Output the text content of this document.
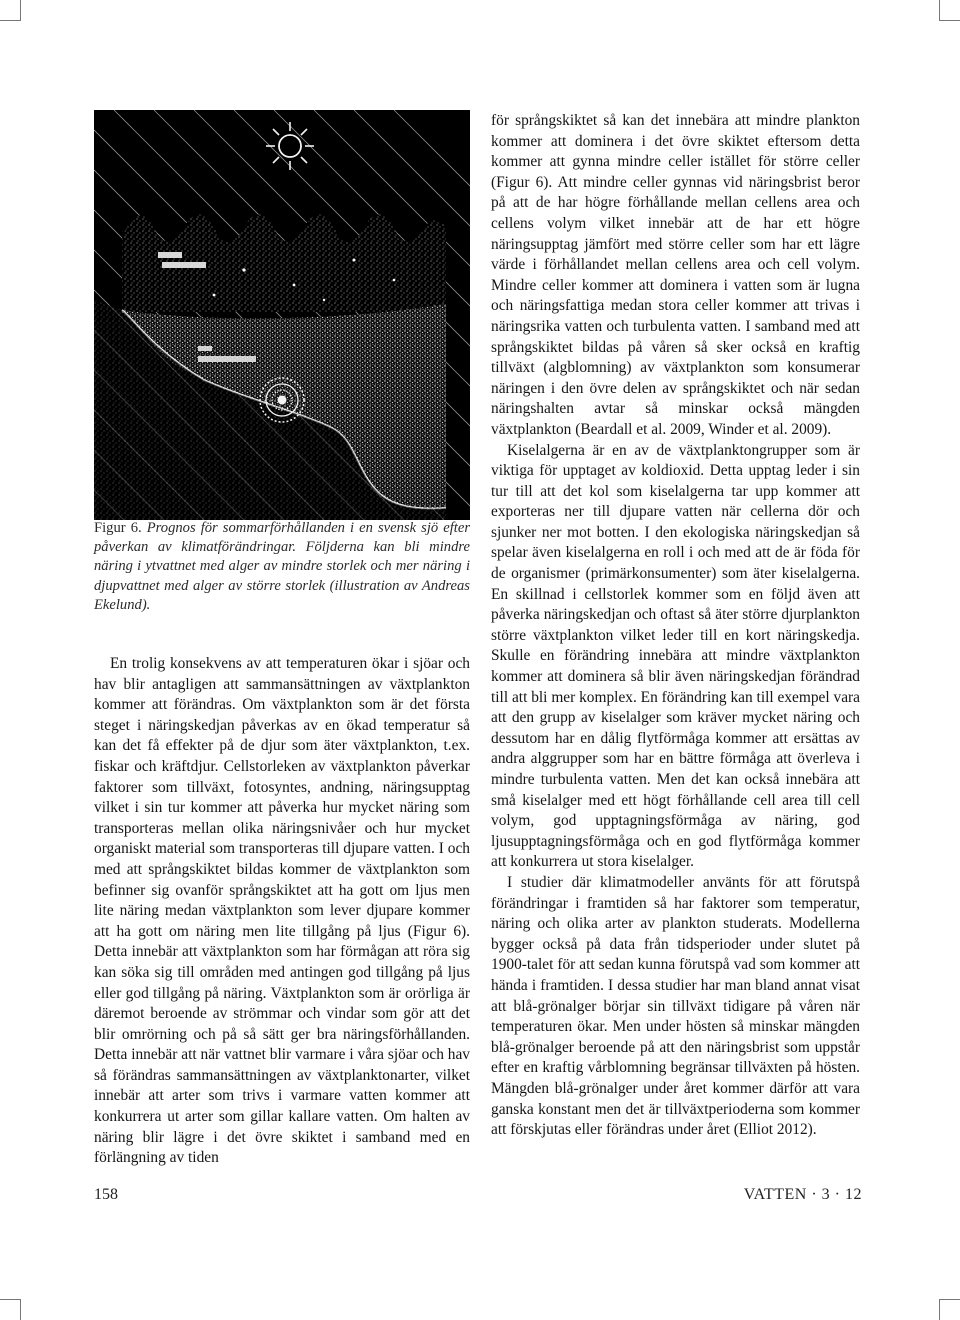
Figur 6. Prognos för sommarförhållanden i en svensk sjö efter påverkan av klimatförändringar. Följderna kan bli mindre näring i ytvattnet med alger av mindre storlek och mer näring i djupvattnet med alger av större storlek (illustration av Andreas Ekelund).

En trolig konsekvens av att temperaturen ökar i sjöar och hav blir antagligen att sammansättningen av växtplankton kommer att förändras. Om växtplankton som är det första steget i näringskedjan påverkas av en ökad temperatur så kan det få effekter på de djur som äter växtplankton, t.ex. fiskar och kräftdjur. Cellstorleken av växtplankton påverkar faktorer som tillväxt, fotosyntes, andning, näringsupptag vilket i sin tur kommer att påverka hur mycket näring som transporteras mellan olika näringsnivåer och hur mycket organiskt material som transporteras till djupare vatten. I och med att språngskiktet bildas kommer de växtplankton som befinner sig ovanför språngskiktet att ha gott om ljus men lite näring medan växtplankton som lever djupare kommer att ha gott om näring men lite tillgång på ljus (Figur 6). Detta innebär att växtplankton som har förmågan att röra sig kan söka sig till områden med antingen god tillgång på ljus eller god tillgång på näring. Växtplankton som är orörliga är däremot beroende av strömmar och vindar som gör att det blir omrörning och på så sätt ger bra näringsförhållanden. Detta innebär att när vattnet blir varmare i våra sjöar och hav så förändras sammansättningen av växtplanktonarter, vilket innebär att arter som trivs i varmare vatten kommer att konkurrera ut arter som gillar kallare vatten. Om halten av näring blir lägre i det övre skiktet i samband med en förlängning av tiden

för språngskiktet så kan det innebära att mindre plankton kommer att dominera i det övre skiktet eftersom detta kommer att gynna mindre celler istället för större celler (Figur 6). Att mindre celler gynnas vid näringsbrist beror på att de har högre förhållande mellan cellens area och cellens volym vilket innebär att de har ett högre näringsupptag jämfört med större celler som har ett lägre värde i förhållandet mellan cellens area och cell volym. Mindre celler kommer att dominera i vatten som är lugna och näringsfattiga medan stora celler kommer att trivas i näringsrika vatten och turbulenta vatten. I samband med att språngskiktet bildas på våren så sker också en kraftig tillväxt (algblomning) av växtplankton som konsumerar näringen i den övre delen av språngskiktet och när sedan näringshalten avtar så minskar också mängden växtplankton (Beardall et al. 2009, Winder et al. 2009).

Kiselalgerna är en av de växtplanktongrupper som är viktiga för upptaget av koldioxid. Detta upptag leder i sin tur till att det kol som kiselalgerna tar upp kommer att exporteras ner till djupare vatten när cellerna dör och sjunker ner mot botten. I den ekologiska näringskedjan så spelar även kiselalgerna en roll i och med att de är föda för de organismer (primärkonsumenter) som äter kiselalgerna. En skillnad i cellstorlek kommer som en följd även att påverka näringskedjan och oftast så äter större djurplankton större växtplankton vilket leder till en kort näringskedja. Skulle en förändring innebära att mindre växtplankton kommer att dominera så blir även näringskedjan förändrad till att bli mer komplex. En förändring kan till exempel vara att den grupp av kiselalger som kräver mycket näring och dessutom har en dålig flytförmåga kommer att ersättas av andra alggrupper som har en bättre förmåga att överleva i mindre turbulenta vatten. Men det kan också innebära att små kiselalger med ett högt förhållande cell area till cell volym, god upptagningsförmåga av näring, god ljusupptagningsförmåga och en god flytförmåga kommer att konkurrera ut stora kiselalger.

I studier där klimatmodeller använts för att förutspå förändringar i framtiden så har faktorer som temperatur, näring och olika arter av plankton studerats. Modellerna bygger också på data från tidsperioder under slutet på 1900-talet för att sedan kunna förutspå vad som kommer att hända i framtiden. I dessa studier har man bland annat visat att blå-grönalger börjar sin tillväxt tidigare på våren när temperaturen ökar. Men under hösten så minskar mängden blå-grönalger beroende på att den näringsbrist som uppstår efter en kraftig vårblomning begränsar tillväxten på hösten. Mängden blå-grönalger under året kommer därför att vara ganska konstant men det är tillväxtperioderna som kommer att förskjutas eller förändras under året (Elliot 2012).

158	VATTEN · 3 · 12
